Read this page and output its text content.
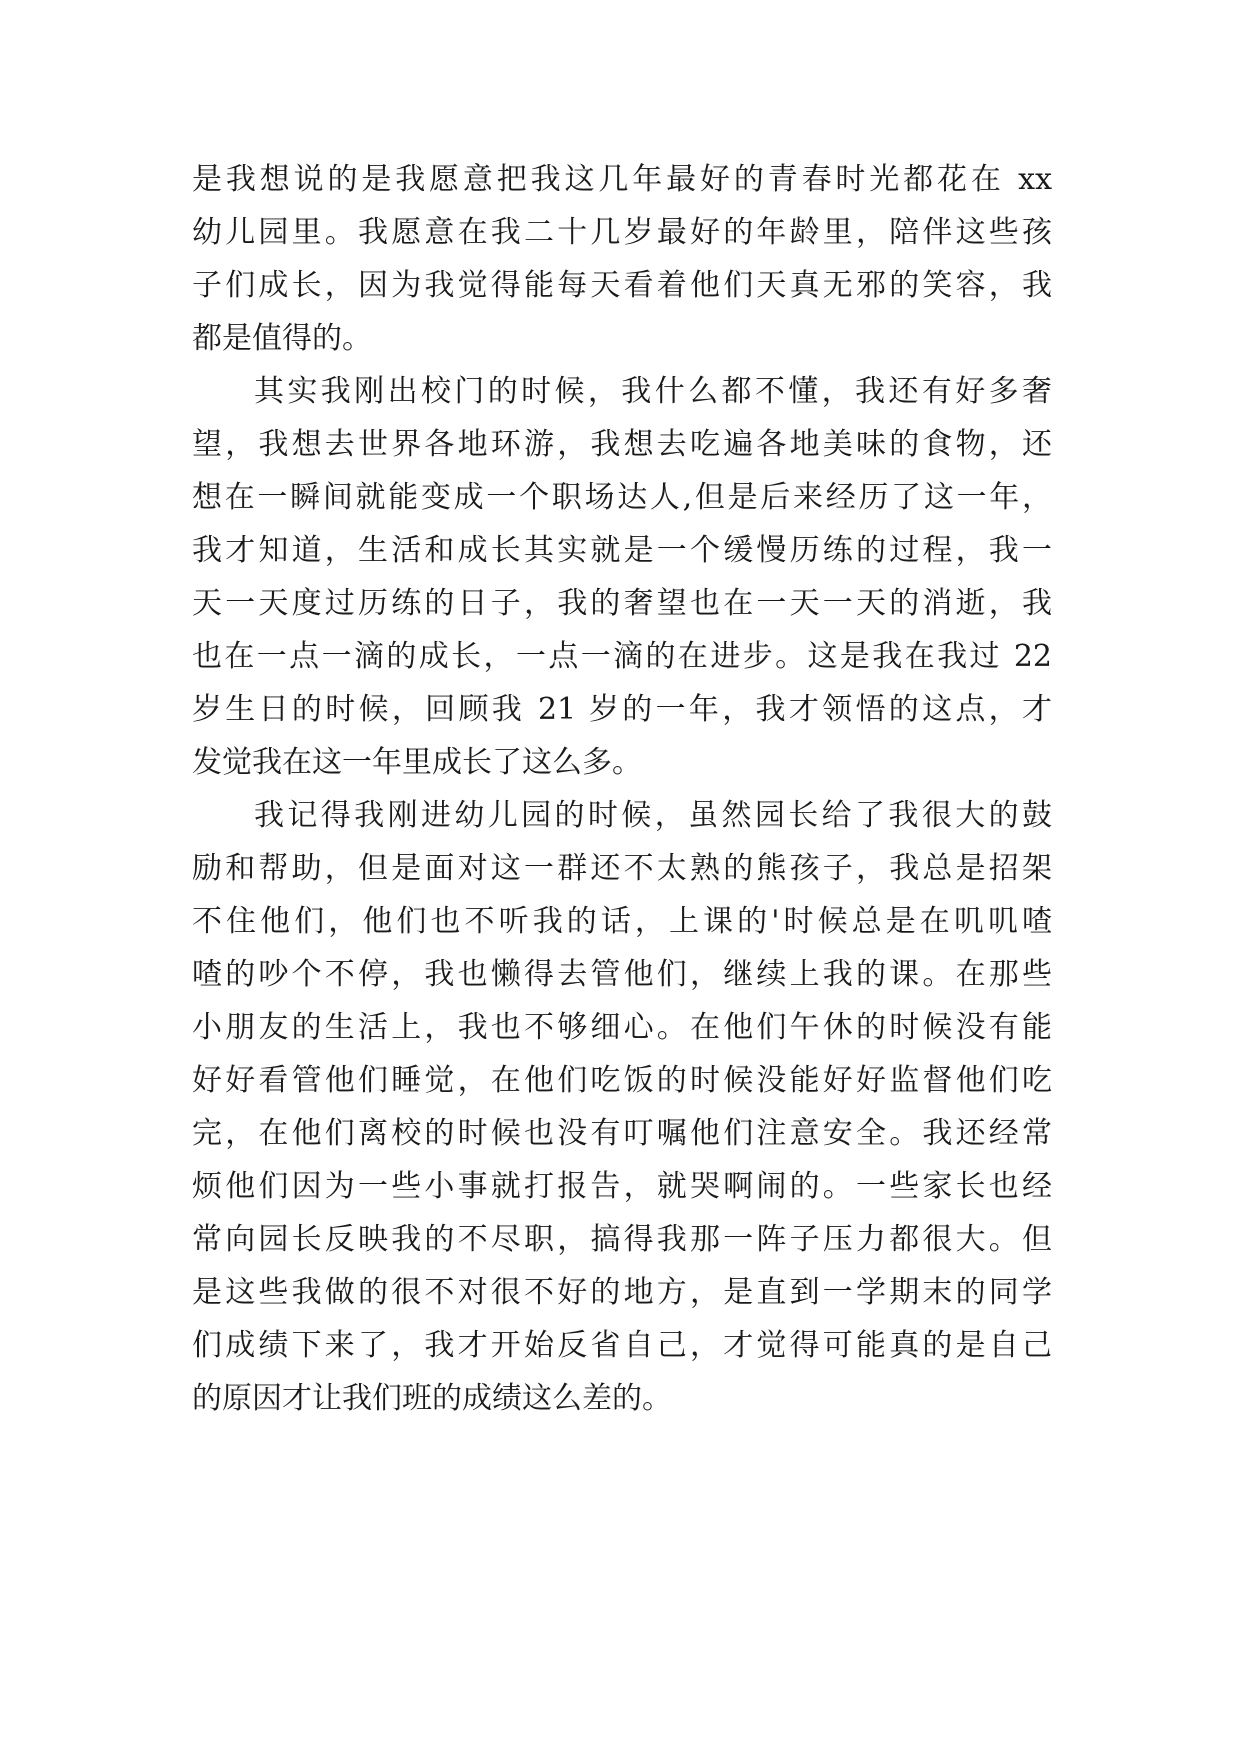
是我想说的是我愿意把我这几年最好的青春时光都花在 xx
幼儿园里。我愿意在我二十几岁最好的年龄里，陪伴这些孩
子们成长，因为我觉得能每天看着他们天真无邪的笑容，我
都是值得的。
其实我刚出校门的时候，我什么都不懂，我还有好多奢
望，我想去世界各地环游，我想去吃遍各地美味的食物，还
想在一瞬间就能变成一个职场达人,但是后来经历了这一年，
我才知道，生活和成长其实就是一个缓慢历练的过程，我一
天一天度过历练的日子，我的奢望也在一天一天的消逝，我
也在一点一滴的成长，一点一滴的在进步。这是我在我过 22
岁生日的时候，回顾我 21 岁的一年，我才领悟的这点，才
发觉我在这一年里成长了这么多。
我记得我刚进幼儿园的时候，虽然园长给了我很大的鼓
励和帮助，但是面对这一群还不太熟的熊孩子，我总是招架
不住他们，他们也不听我的话，上课的'时候总是在叽叽喳
喳的吵个不停，我也懒得去管他们，继续上我的课。在那些
小朋友的生活上，我也不够细心。在他们午休的时候没有能
好好看管他们睡觉，在他们吃饭的时候没能好好监督他们吃
完，在他们离校的时候也没有叮嘱他们注意安全。我还经常
烦他们因为一些小事就打报告，就哭啊闹的。一些家长也经
常向园长反映我的不尽职，搞得我那一阵子压力都很大。但
是这些我做的很不对很不好的地方，是直到一学期末的同学
们成绩下来了，我才开始反省自己，才觉得可能真的是自己
的原因才让我们班的成绩这么差的。
